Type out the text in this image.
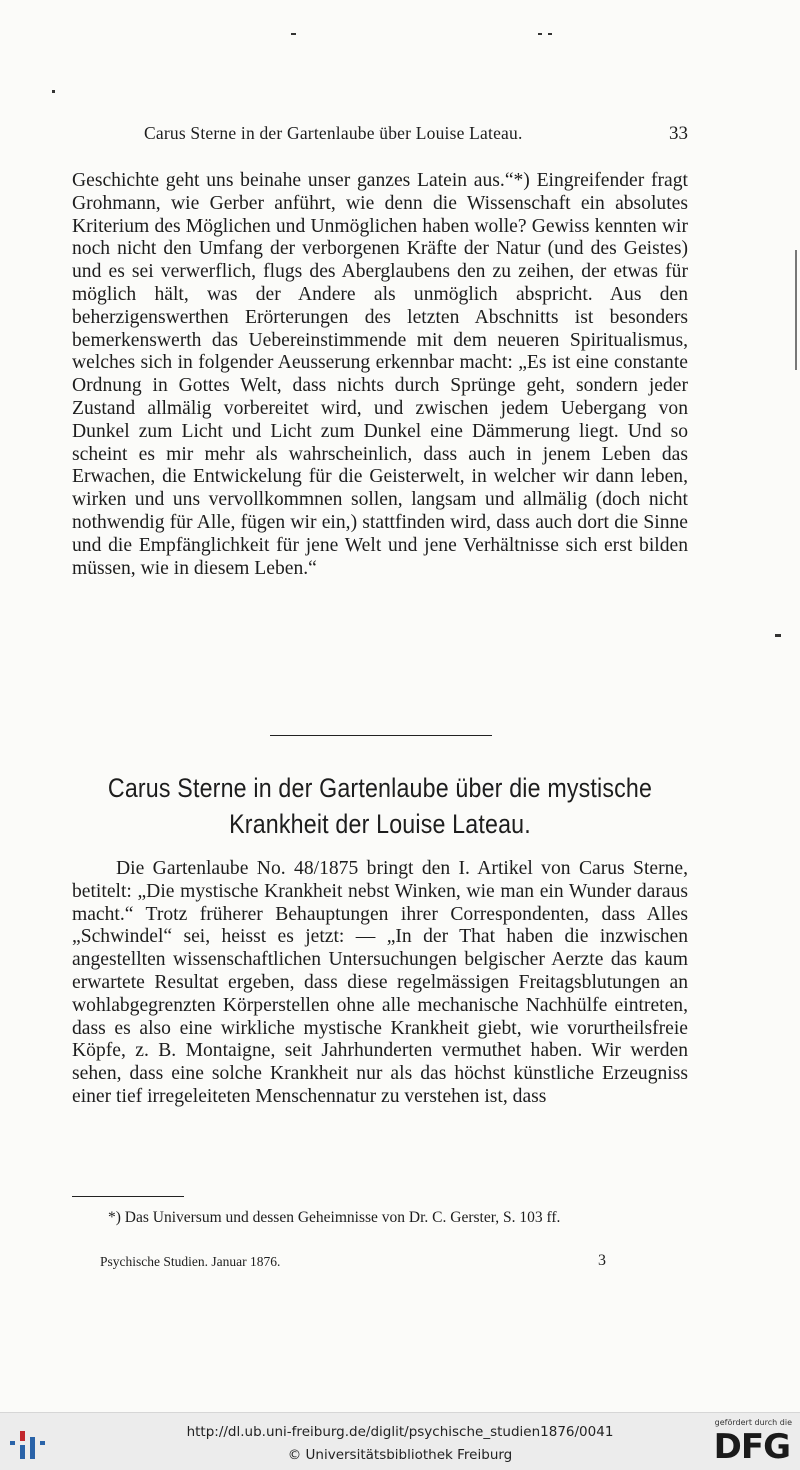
Carus Sterne in der Gartenlaube über Louise Lateau.	33

Geschichte geht uns beinahe unser ganzes Latein aus.“*) Eingreifender fragt Grohmann, wie Gerber anführt, wie denn die Wissenschaft ein absolutes Kriterium des Möglichen und Unmöglichen haben wolle? Gewiss kennten wir noch nicht den Umfang der verborgenen Kräfte der Natur (und des Geistes) und es sei verwerflich, flugs des Aberglaubens den zu zeihen, der etwas für möglich hält, was der Andere als unmöglich abspricht. Aus den beherzigenswerthen Erörterungen des letzten Abschnitts ist besonders bemerkenswerth das Uebereinstimmende mit dem neueren Spiritualismus, welches sich in folgender Aeusserung erkennbar macht: „Es ist eine constante Ordnung in Gottes Welt, dass nichts durch Sprünge geht, sondern jeder Zustand allmälig vorbereitet wird, und zwischen jedem Uebergang von Dunkel zum Licht und Licht zum Dunkel eine Dämmerung liegt. Und so scheint es mir mehr als wahrscheinlich, dass auch in jenem Leben das Erwachen, die Entwickelung für die Geisterwelt, in welcher wir dann leben, wirken und uns vervollkommnen sollen, langsam und allmälig (doch nicht nothwendig für Alle, fügen wir ein,) stattfinden wird, dass auch dort die Sinne und die Empfänglichkeit für jene Welt und jene Verhältnisse sich erst bilden müssen, wie in diesem Leben.“

Carus Sterne in der Gartenlaube über die mystische Krankheit der Louise Lateau.

Die Gartenlaube No. 48/1875 bringt den I. Artikel von Carus Sterne, betitelt: „Die mystische Krankheit nebst Winken, wie man ein Wunder daraus macht.“ Trotz früherer Behauptungen ihrer Correspondenten, dass Alles „Schwindel“ sei, heisst es jetzt: — „In der That haben die inzwischen angestellten wissenschaftlichen Untersuchungen belgischer Aerzte das kaum erwartete Resultat ergeben, dass diese regelmässigen Freitagsblutungen an wohlabgegrenzten Körperstellen ohne alle mechanische Nachhülfe eintreten, dass es also eine wirkliche mystische Krankheit giebt, wie vorurtheilsfreie Köpfe, z. B. Montaigne, seit Jahrhunderten vermuthet haben. Wir werden sehen, dass eine solche Krankheit nur als das höchst künstliche Erzeugniss einer tief irregeleiteten Menschennatur zu verstehen ist, dass

*) Das Universum und dessen Geheimnisse von Dr. C. Gerster, S. 103 ff.

Psychische Studien. Januar 1876.	3
http://dl.ub.uni-freiburg.de/diglit/psychische_studien1876/0041
© Universitätsbibliothek Freiburg
gefördert durch die
DFG
